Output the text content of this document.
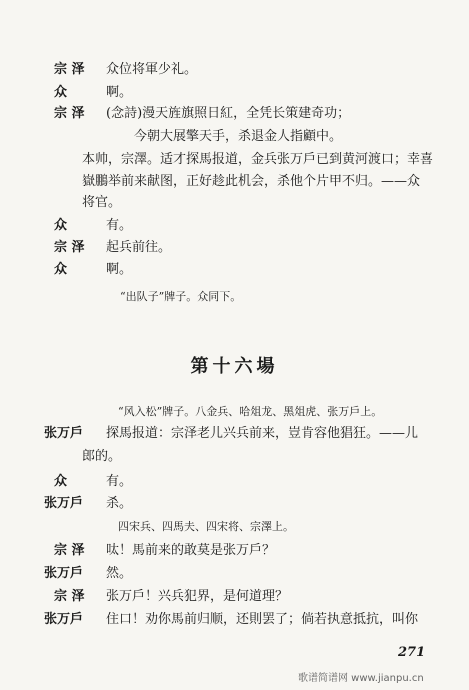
宗 泽 众位将軍少礼。
众	啊。
宗 泽 (念詩)漫天旌旗照日紅，全凭长策建奇功；
今朝大展擎天手，杀退金人指顧中。
本帅，宗澤。适才探馬报道，金兵张万戶已到黄河渡口；幸喜
嶽鵬举前来献图，正好趁此机会，杀他个片甲不归。——众
将官。
众	有。
宗 泽 起兵前往。
众	啊。
“出队子”牌子。众同下。
第十六場
“风入松”牌子。八金兵、哈俎龙、黑俎虎、张万戶上。
张万戶 探馬报道：宗泽老儿兴兵前来，豈肯容他猖狂。——儿
郎的。
众	有。
张万戶 杀。
四宋兵、四馬夫、四宋将、宗澤上。
宗 泽 呔！馬前来的敢莫是张万戶？
张万戶 然。
宗 泽 张万戶！兴兵犯界，是何道理？
张万戶 住口！劝你馬前归顺，还則罢了；倘若执意抵抗，叫你
271
歌谱简谱网 www.jianpu.cn
